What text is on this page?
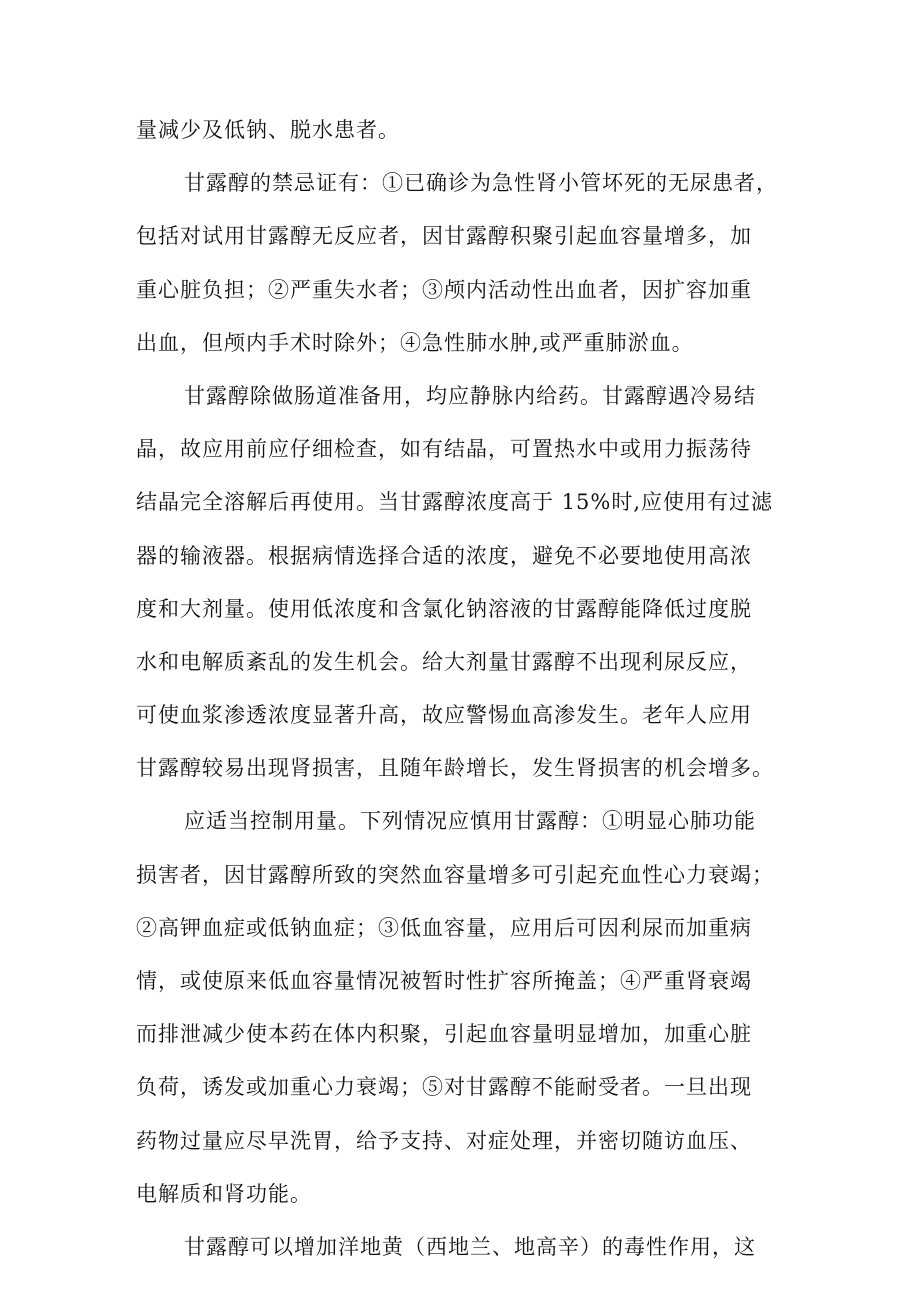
量减少及低钠、脱水患者。
甘露醇的禁忌证有：①已确诊为急性肾小管坏死的无尿患者，
包括对试用甘露醇无反应者，因甘露醇积聚引起血容量增多，加
重心脏负担；②严重失水者；③颅内活动性出血者，因扩容加重
出血，但颅内手术时除外；④急性肺水肿,或严重肺淤血。
甘露醇除做肠道准备用，均应静脉内给药。甘露醇遇冷易结
晶，故应用前应仔细检查，如有结晶，可置热水中或用力振荡待
结晶完全溶解后再使用。当甘露醇浓度高于 15%时,应使用有过滤
器的输液器。根据病情选择合适的浓度，避免不必要地使用高浓
度和大剂量。使用低浓度和含氯化钠溶液的甘露醇能降低过度脱
水和电解质紊乱的发生机会。给大剂量甘露醇不出现利尿反应，
可使血浆渗透浓度显著升高，故应警惕血高渗发生。老年人应用
甘露醇较易出现肾损害，且随年龄增长，发生肾损害的机会增多。
应适当控制用量。下列情况应慎用甘露醇：①明显心肺功能
损害者，因甘露醇所致的突然血容量增多可引起充血性心力衰竭；
②高钾血症或低钠血症；③低血容量，应用后可因利尿而加重病
情，或使原来低血容量情况被暂时性扩容所掩盖；④严重肾衰竭
而排泄减少使本药在体内积聚，引起血容量明显增加，加重心脏
负荷，诱发或加重心力衰竭；⑤对甘露醇不能耐受者。一旦出现
药物过量应尽早洗胃，给予支持、对症处理，并密切随访血压、
电解质和肾功能。
甘露醇可以增加洋地黄（西地兰、地高辛）的毒性作用，这
